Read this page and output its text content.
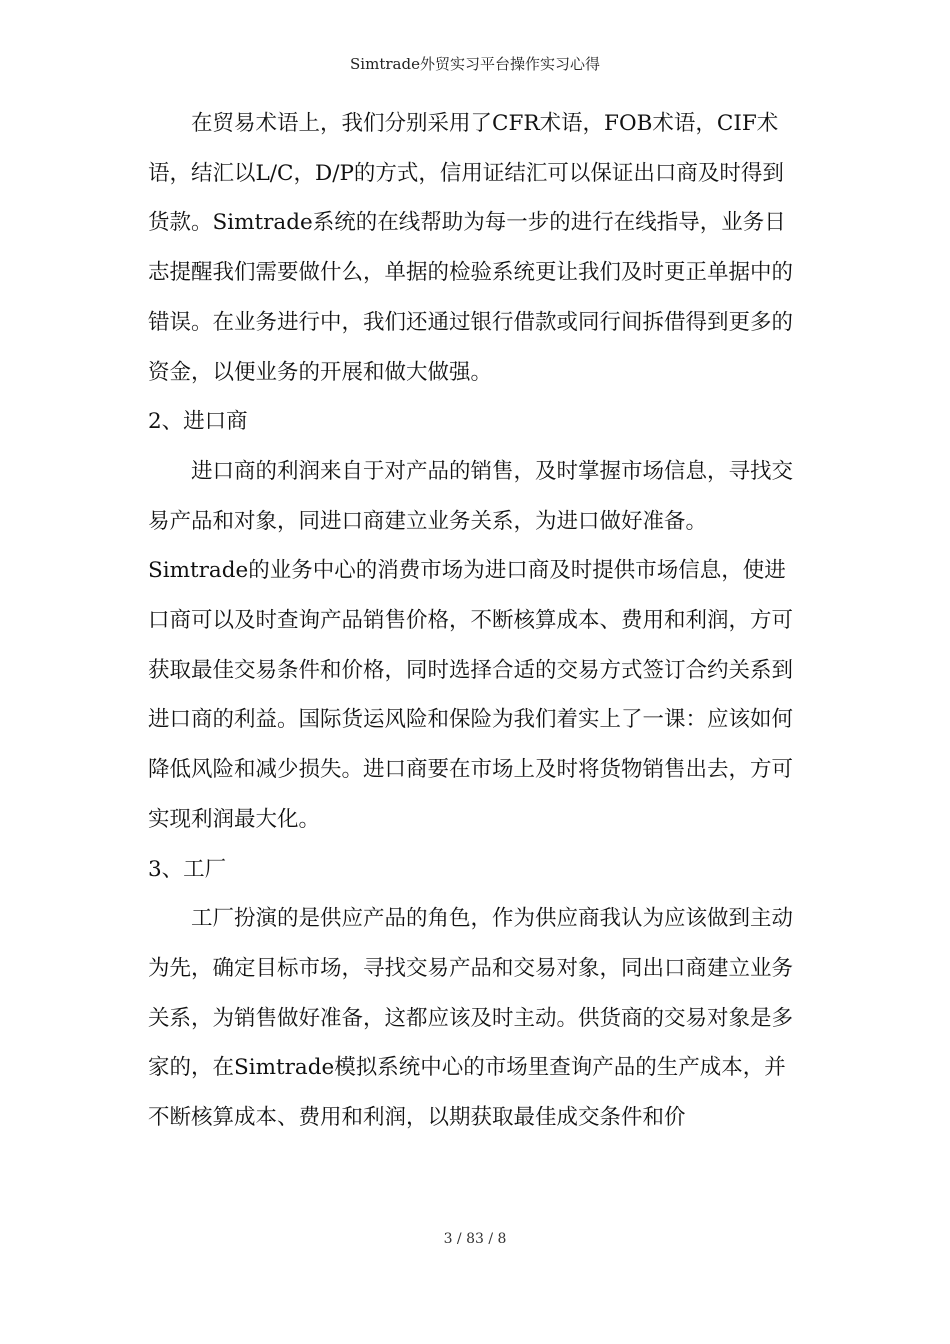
Simtrade外贸实习平台操作实习心得

在贸易术语上，我们分别采用了CFR术语，FOB术语，CIF术语，结汇以L/C，D/P的方式，信用证结汇可以保证出口商及时得到货款。Simtrade系统的在线帮助为每一步的进行在线指导，业务日志提醒我们需要做什么，单据的检验系统更让我们及时更正单据中的错误。在业务进行中，我们还通过银行借款或同行间拆借得到更多的资金，以便业务的开展和做大做强。

2、进口商

进口商的利润来自于对产品的销售，及时掌握市场信息，寻找交易产品和对象，同进口商建立业务关系，为进口做好准备。Simtrade的业务中心的消费市场为进口商及时提供市场信息，使进口商可以及时查询产品销售价格，不断核算成本、费用和利润，方可获取最佳交易条件和价格，同时选择合适的交易方式签订合约关系到进口商的利益。国际货运风险和保险为我们着实上了一课：应该如何降低风险和减少损失。进口商要在市场上及时将货物销售出去，方可实现利润最大化。

3、工厂

工厂扮演的是供应产品的角色，作为供应商我认为应该做到主动为先，确定目标市场，寻找交易产品和交易对象，同出口商建立业务关系，为销售做好准备，这都应该及时主动。供货商的交易对象是多家的，在Simtrade模拟系统中心的市场里查询产品的生产成本，并不断核算成本、费用和利润，以期获取最佳成交条件和价

3 / 83 / 8
